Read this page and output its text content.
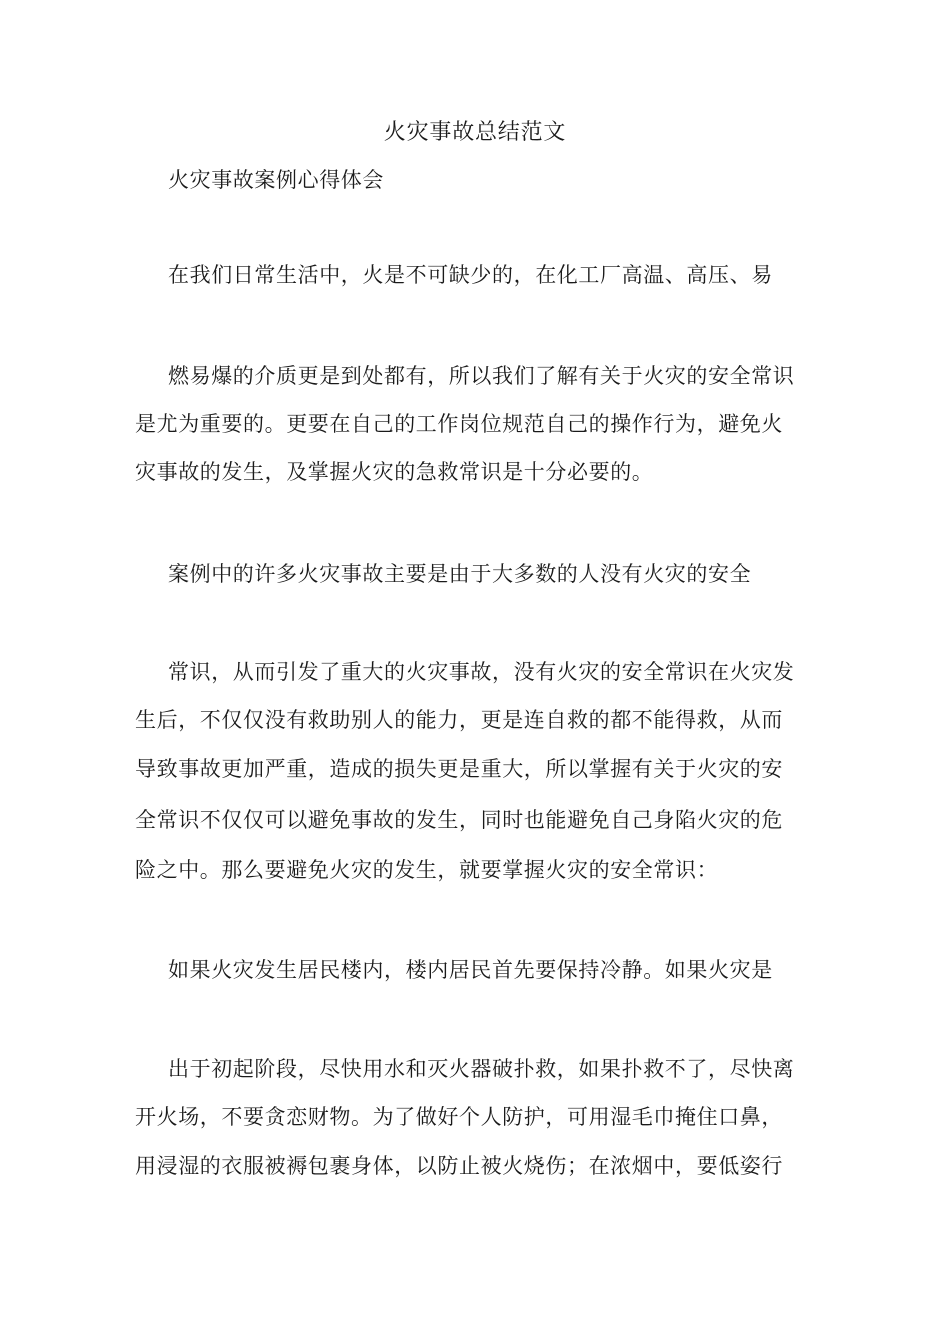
火灾事故总结范文
火灾事故案例心得体会
在我们日常生活中，火是不可缺少的，在化工厂高温、高压、易
燃易爆的介质更是到处都有，所以我们了解有关于火灾的安全常识
是尤为重要的。更要在自己的工作岗位规范自己的操作行为，避免火
灾事故的发生，及掌握火灾的急救常识是十分必要的。
案例中的许多火灾事故主要是由于大多数的人没有火灾的安全
常识，从而引发了重大的火灾事故，没有火灾的安全常识在火灾发
生后，不仅仅没有救助别人的能力，更是连自救的都不能得救，从而
导致事故更加严重，造成的损失更是重大，所以掌握有关于火灾的安
全常识不仅仅可以避免事故的发生，同时也能避免自己身陷火灾的危
险之中。那么要避免火灾的发生，就要掌握火灾的安全常识：
如果火灾发生居民楼内，楼内居民首先要保持冷静。如果火灾是
出于初起阶段，尽快用水和灭火器破扑救，如果扑救不了，尽快离
开火场，不要贪恋财物。为了做好个人防护，可用湿毛巾掩住口鼻，
用浸湿的衣服被褥包裹身体，以防止被火烧伤；在浓烟中，要低姿行
